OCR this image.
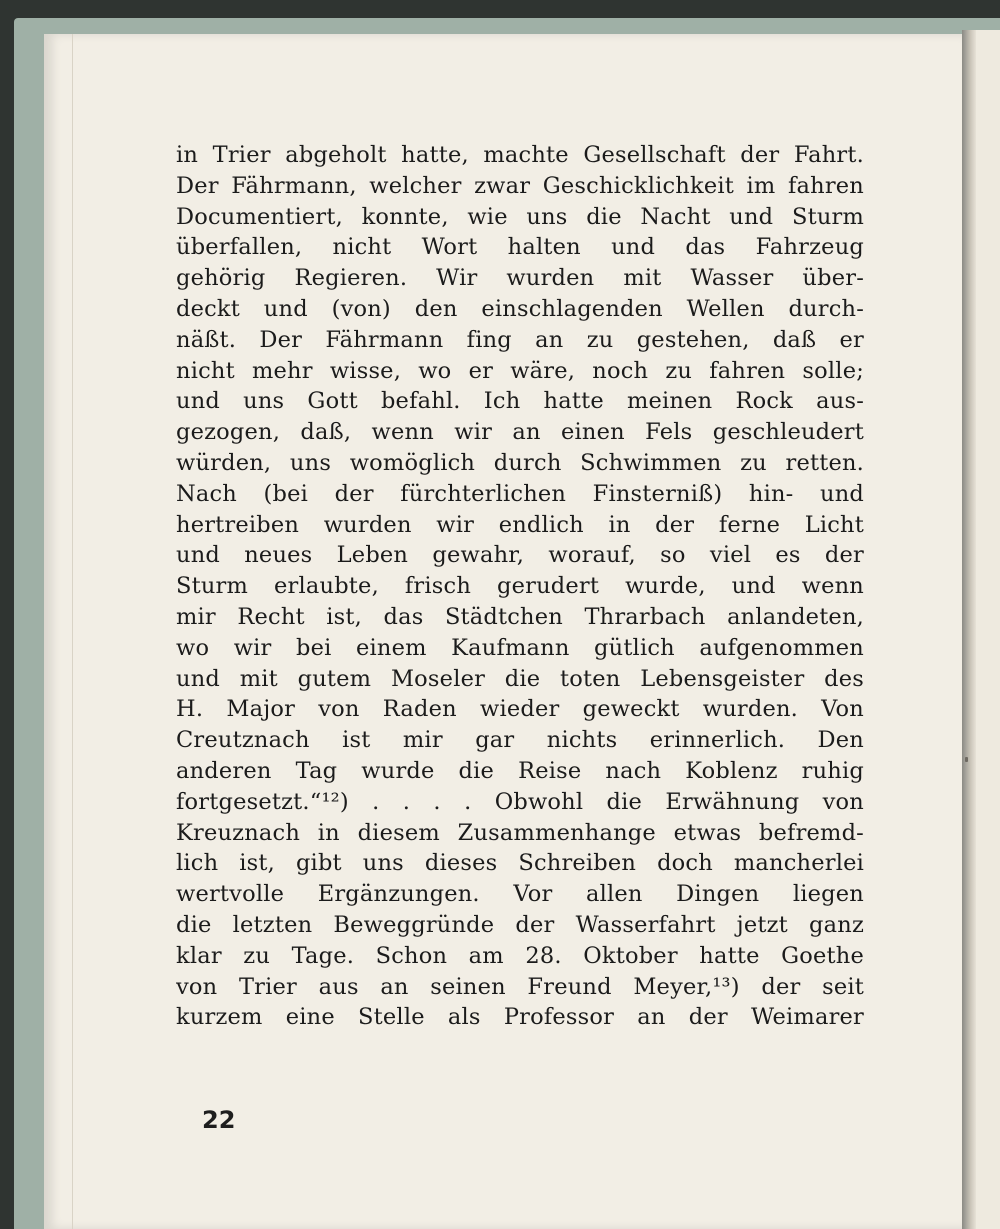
in Trier abgeholt hatte, machte Gesellschaft der Fahrt.
Der Fährmann, welcher zwar Geschicklichkeit im fahren
Documentiert, konnte, wie uns die Nacht und Sturm
überfallen, nicht Wort halten und das Fahrzeug
gehörig Regieren. Wir wurden mit Wasser über-
deckt und (von) den einschlagenden Wellen durch-
näßt. Der Fährmann fing an zu gestehen, daß er
nicht mehr wisse, wo er wäre, noch zu fahren solle;
und uns Gott befahl. Ich hatte meinen Rock aus-
gezogen, daß, wenn wir an einen Fels geschleudert
würden, uns womöglich durch Schwimmen zu retten.
Nach (bei der fürchterlichen Finsterniß) hin- und
hertreiben wurden wir endlich in der ferne Licht
und neues Leben gewahr, worauf, so viel es der
Sturm erlaubte, frisch gerudert wurde, und wenn
mir Recht ist, das Städtchen Thrarbach anlandeten,
wo wir bei einem Kaufmann gütlich aufgenommen
und mit gutem Moseler die toten Lebensgeister des
H. Major von Raden wieder geweckt wurden. Von
Creutznach ist mir gar nichts erinnerlich. Den
anderen Tag wurde die Reise nach Koblenz ruhig
fortgesetzt.“¹²) . . . . Obwohl die Erwähnung von
Kreuznach in diesem Zusammenhange etwas befremd-
lich ist, gibt uns dieses Schreiben doch mancherlei
wertvolle Ergänzungen. Vor allen Dingen liegen
die letzten Beweggründe der Wasserfahrt jetzt ganz
klar zu Tage. Schon am 28. Oktober hatte Goethe
von Trier aus an seinen Freund Meyer,¹³) der seit
kurzem eine Stelle als Professor an der Weimarer
22
